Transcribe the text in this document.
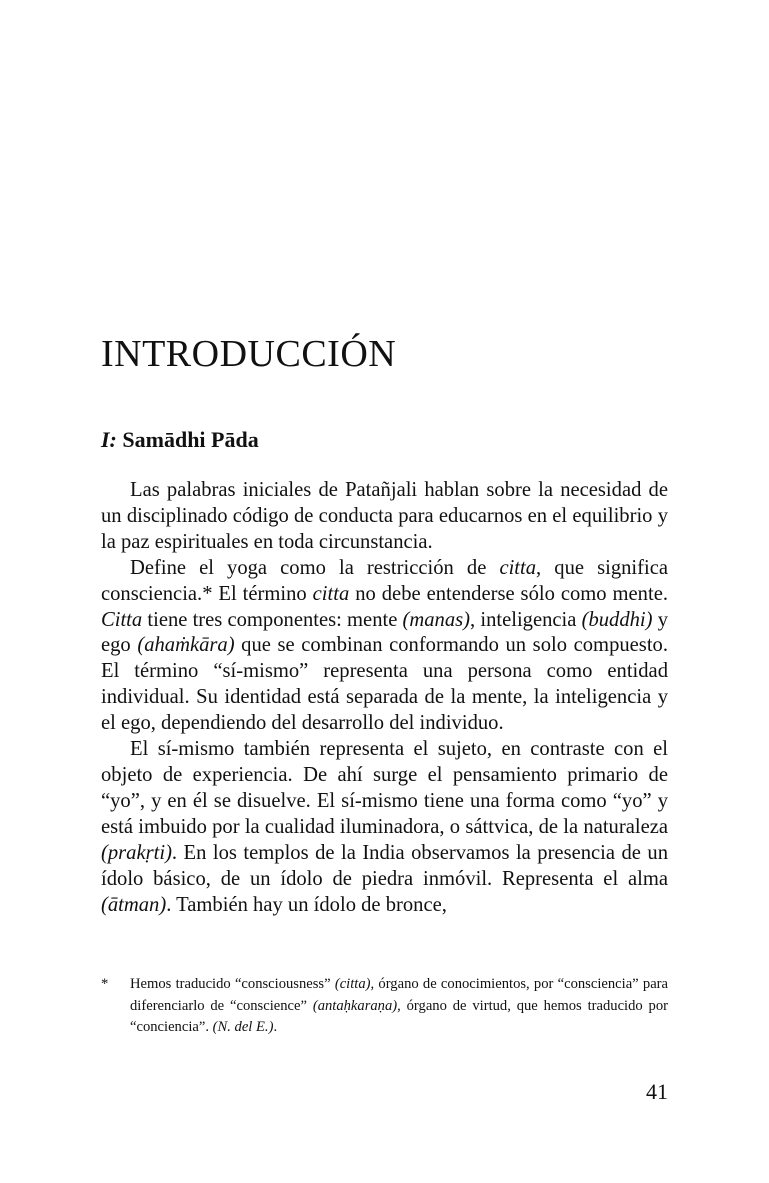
INTRODUCCIÓN
I: Samādhi Pāda

Las palabras iniciales de Patañjali hablan sobre la necesidad de un disciplinado código de conducta para educarnos en el equilibrio y la paz espirituales en toda circunstancia.

Define el yoga como la restricción de citta, que significa consciencia.* El término citta no debe entenderse sólo como mente. Citta tiene tres componentes: mente (manas), inteligencia (buddhi) y ego (ahaṁkāra) que se combinan conformando un solo compuesto. El término “sí-mismo” representa una persona como entidad individual. Su identidad está separada de la mente, la inteligencia y el ego, dependiendo del desarrollo del individuo.

El sí-mismo también representa el sujeto, en contraste con el objeto de experiencia. De ahí surge el pensamiento primario de “yo”, y en él se disuelve. El sí-mismo tiene una forma como “yo” y está imbuido por la cualidad iluminadora, o sáttvica, de la naturaleza (prakṛti). En los templos de la India observamos la presencia de un ídolo básico, de un ídolo de piedra inmóvil. Representa el alma (ātman). También hay un ídolo de bronce,

* Hemos traducido “consciousness” (citta), órgano de conocimientos, por “consciencia” para diferenciarlo de “conscience” (antaḥkaraṇa), órgano de virtud, que hemos traducido por “conciencia”. (N. del E.).
41
